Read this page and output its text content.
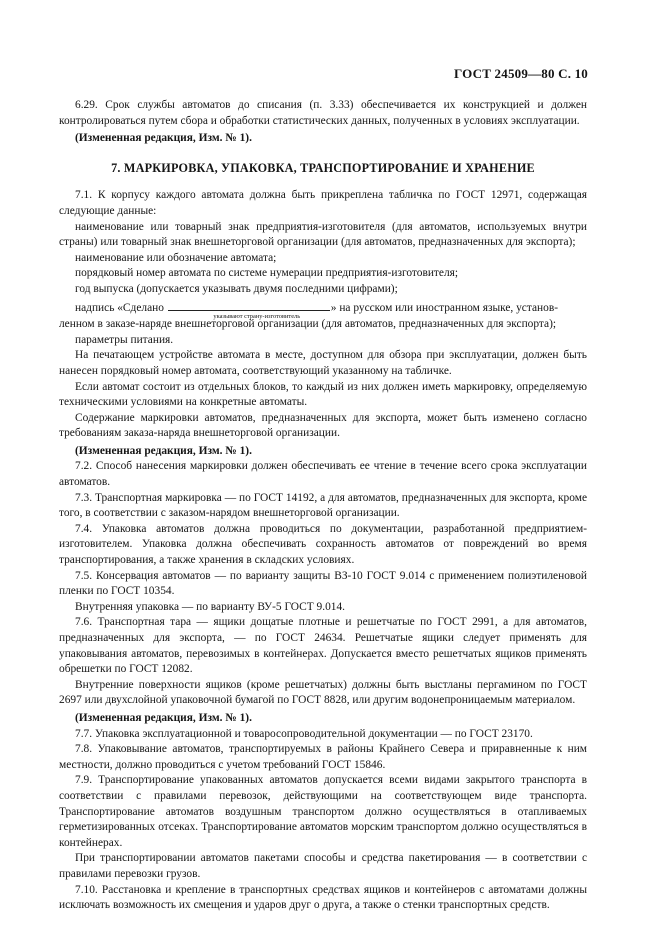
ГОСТ 24509—80 С. 10

6.29. Срок службы автоматов до списания (п. 3.33) обеспечивается их конструкцией и должен контролироваться путем сбора и обработки статистических данных, полученных в условиях эксплуатации.

(Измененная редакция, Изм. № 1).

7. МАРКИРОВКА, УПАКОВКА, ТРАНСПОРТИРОВАНИЕ И ХРАНЕНИЕ

7.1. К корпусу каждого автомата должна быть прикреплена табличка по ГОСТ 12971, содержащая следующие данные:

наименование или товарный знак предприятия-изготовителя (для автоматов, используемых внутри страны) или товарный знак внешнеторговой организации (для автоматов, предназначенных для экспорта);

наименование или обозначение автомата;

порядковый номер автомата по системе нумерации предприятия-изготовителя;

год выпуска (допускается указывать двумя последними цифрами);

надпись «Сделано
указывают страну-изготовитель
» на русском или иностранном языке, установ-

ленном в заказе-наряде внешнеторговой организации (для автоматов, предназначенных для экспорта);

параметры питания.

На печатающем устройстве автомата в месте, доступном для обзора при эксплуатации, должен быть нанесен порядковый номер автомата, соответствующий указанному на табличке.

Если автомат состоит из отдельных блоков, то каждый из них должен иметь маркировку, определяемую техническими условиями на конкретные автоматы.

Содержание маркировки автоматов, предназначенных для экспорта, может быть изменено согласно требованиям заказа-наряда внешнеторговой организации.

(Измененная редакция, Изм. № 1).

7.2. Способ нанесения маркировки должен обеспечивать ее чтение в течение всего срока эксплуатации автоматов.

7.3. Транспортная маркировка — по ГОСТ 14192, а для автоматов, предназначенных для экспорта, кроме того, в соответствии с заказом-нарядом внешнеторговой организации.

7.4. Упаковка автоматов должна проводиться по документации, разработанной предприятием-изготовителем. Упаковка должна обеспечивать сохранность автоматов от повреждений во время транспортирования, а также хранения в складских условиях.

7.5. Консервация автоматов — по варианту защиты ВЗ-10 ГОСТ 9.014 с применением полиэтиленовой пленки по ГОСТ 10354.

Внутренняя упаковка — по варианту ВУ-5 ГОСТ 9.014.

7.6. Транспортная тара — ящики дощатые плотные и решетчатые по ГОСТ 2991, а для автоматов, предназначенных для экспорта, — по ГОСТ 24634. Решетчатые ящики следует применять для упаковывания автоматов, перевозимых в контейнерах. Допускается вместо решетчатых ящиков применять обрешетки по ГОСТ 12082.

Внутренние поверхности ящиков (кроме решетчатых) должны быть выстланы пергамином по ГОСТ 2697 или двухслойной упаковочной бумагой по ГОСТ 8828, или другим водонепроницаемым материалом.

(Измененная редакция, Изм. № 1).

7.7. Упаковка эксплуатационной и товаросопроводительной документации — по ГОСТ 23170.

7.8. Упаковывание автоматов, транспортируемых в районы Крайнего Севера и приравненные к ним местности, должно проводиться с учетом требований ГОСТ 15846.

7.9. Транспортирование упакованных автоматов допускается всеми видами закрытого транспорта в соответствии с правилами перевозок, действующими на соответствующем виде транспорта. Транспортирование автоматов воздушным транспортом должно осуществляться в отапливаемых герметизированных отсеках. Транспортирование автоматов морским транспортом должно осуществляться в контейнерах.

При транспортировании автоматов пакетами способы и средства пакетирования — в соответствии с правилами перевозки грузов.

7.10. Расстановка и крепление в транспортных средствах ящиков и контейнеров с автоматами должны исключать возможность их смещения и ударов друг о друга, а также о стенки транспортных средств.
